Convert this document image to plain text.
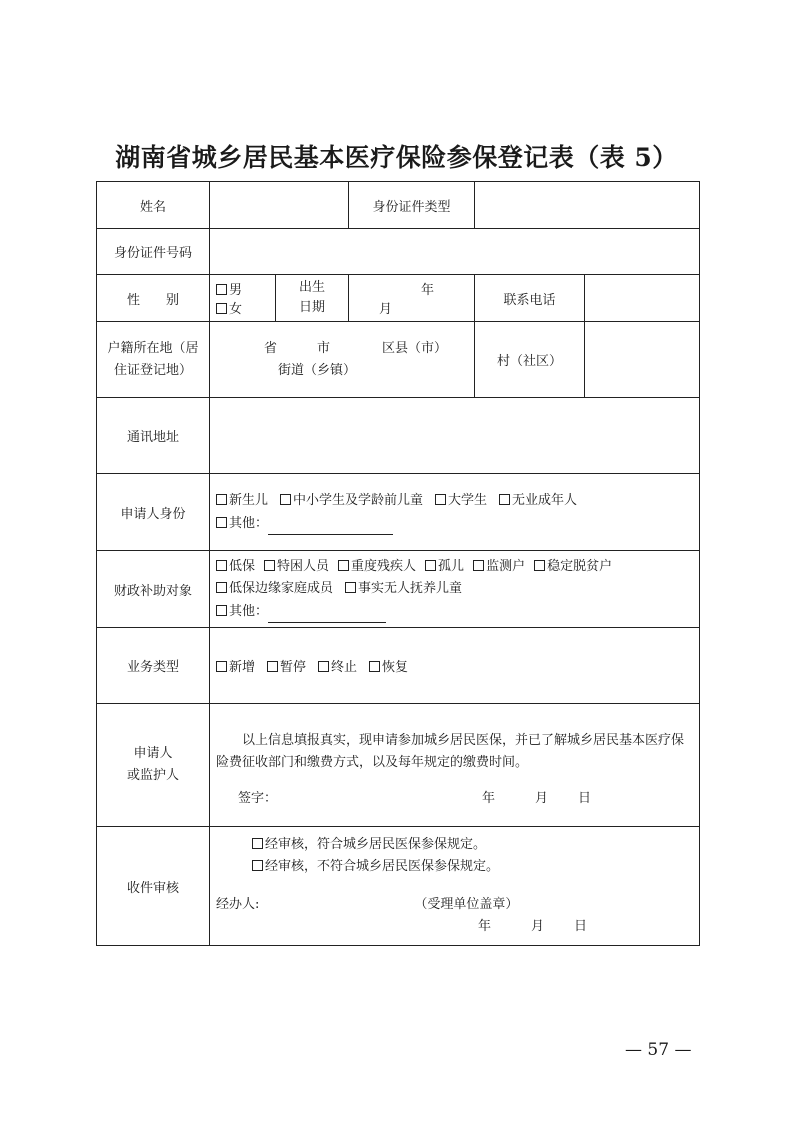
湖南省城乡居民基本医疗保险参保登记表（表 5）
姓名			身份证件类型		
身份证件号码					
性　　别	男女	出生
日期	年 月	联系电话	

户籍所在地（居
住证登记地）	省 市 区县（市）
街道（乡镇）			村（社区）	
通讯地址					
申请人身份	新生儿 中小学生及学龄前儿童 大学生 无业成年人
其他：				

财政补助对象	低保 特困人员 重度残疾人 孤儿 监测户 稳定脱贫户
低保边缘家庭成员 事实无人抚养儿童
其他：				

业务类型	新增 暂停 终止 恢复				

申请人
或监护人	以上信息填报真实，现申请参加城乡居民医保，并已了解城乡居民基本医疗保
险费征收部门和缴费方式，以及每年规定的缴费时间。
签字： 年 月 日				

收件审核	经审核，符合城乡居民医保参保规定。
经审核，不符合城乡居民医保参保规定。
经办人: （受理单位盖章）
年 月 日				
— 57 —
